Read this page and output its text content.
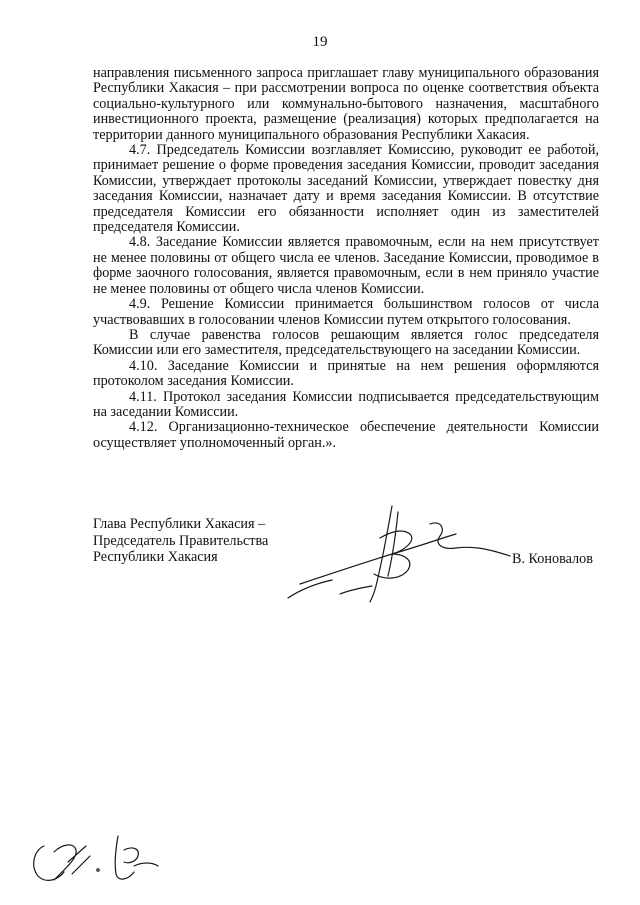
19

направления письменного запроса приглашает главу муниципального образования Республики Хакасия – при рассмотрении вопроса по оценке соответствия объекта социально-культурного или коммунально-бытового назначения, масштабного инвестиционного проекта, размещение (реализация) которых предполагается на территории данного муниципального образования Республики Хакасия.

4.7. Председатель Комиссии возглавляет Комиссию, руководит ее работой, принимает решение о форме проведения заседания Комиссии, проводит заседания Комиссии, утверждает протоколы заседаний Комиссии, утверждает повестку дня заседания Комиссии, назначает дату и время заседания Комиссии. В отсутствие председателя Комиссии его обязанности исполняет один из заместителей председателя Комиссии.

4.8. Заседание Комиссии является правомочным, если на нем присутствует не менее половины от общего числа ее членов. Заседание Комиссии, проводимое в форме заочного голосования, является правомочным, если в нем приняло участие не менее половины от общего числа членов Комиссии.

4.9. Решение Комиссии принимается большинством голосов от числа участвовавших в голосовании членов Комиссии путем открытого голосования.

В случае равенства голосов решающим является голос председателя Комиссии или его заместителя, председательствующего на заседании Комиссии.

4.10. Заседание Комиссии и принятые на нем решения оформляются протоколом заседания Комиссии.

4.11. Протокол заседания Комиссии подписывается председательствующим на заседании Комиссии.

4.12. Организационно-техническое обеспечение деятельности Комиссии осуществляет уполномоченный орган.».

Глава Республики Хакасия –
Председатель Правительства
Республики Хакасия	В. Коновалов
